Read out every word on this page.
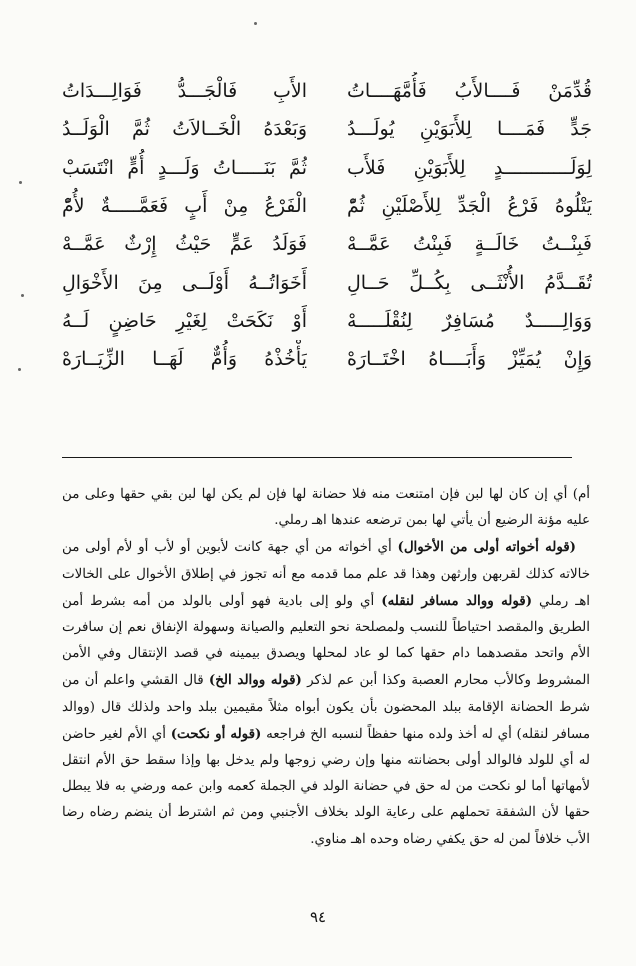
قُدِّمَنْ فَــــالأَبُ فَأُمَّهَــــاتُ
الأَبِ فَالْجَـــدُّ فَوَالِـــدَاتُ
جَدٍّ فَمَــــا لِلأَبَوَيْنِ يُولَـــدُ
وَبَعْدَهُ الْخَــالاَتُ ثُمَّ الْوَلَــدُ
لِوَلَــــــــــــدٍ لِلأَبَوَيْنِ فَلأَب
ثُمَّ بَنَـــــاتُ وَلَـــدٍ أُمٍّ انْتَسَبْ
يَتْلُوهُ فَرْعُ الْجَدِّ لِلأَصْلَيْنِ ثُمّْ
الْفَرْعُ مِنْ أَبٍ فَعَمَّـــــةٌ لأُمّْ
فَبِنْــتُ خَالَــةٍ فَبِنْتُ عَمَّــهْ
فَوَلَدُ عَمٍّ حَيْثُ إِرْثٌ عَمَّــهْ
تُقَــدَّمُ الأُنْثَــى بِكُــلِّ حَــالِ
أَخَوَاتُــهُ أَوْلَــى مِنَ الأَخْوَالِ
وَوَالِـــــدٌ مُسَافِرٌ لِنُقْلَـــــهْ
أَوْ نَكَحَتْ لِغَيْرِ حَاضِنٍ لَــهُ
وَإِنْ يُمَيِّزْ وَأَبَــــاهُ اخْتَــارَهْ
يَأْخُذْهُ وَأُمٌّ لَهَــا الزِّيَــارَهْ

أم) أي إن كان لها لبن فإن امتنعت منه فلا حضانة لها فإن لم يكن لها لبن بقي حقها وعلى من عليه مؤنة الرضيع أن يأتي لها بمن ترضعه عندها اهـ رملي.

(قوله أخواته أولى من الأخوال) أي أخواته من أي جهة كانت لأبوين أو لأب أو لأم أولى من خالاته كذلك لقربهن وإرثهن وهذا قد علم مما قدمه مع أنه تجوز في إطلاق الأخوال على الخالات اهـ رملي (قوله ووالد مسافر لنقله) أي ولو إلى بادية فهو أولى بالولد من أمه بشرط أمن الطريق والمقصد احتياطاً للنسب ولمصلحة نحو التعليم والصيانة وسهولة الإنفاق نعم إن سافرت الأم واتحد مقصدهما دام حقها كما لو عاد لمحلها ويصدق بيمينه في قصد الإنتقال وفي الأمن المشروط وكالأب محارم العصبة وكذا أبن عم لذكر (قوله ووالد الخ) قال القشي واعلم أن من شرط الحضانة الإقامة ببلد المحضون بأن يكون أبواه مثلاً مقيمين ببلد واحد ولذلك قال (ووالد مسافر لنقله) أي له أخذ ولده منها حفظاً لنسبه الخ فراجعه (قوله أو نكحت) أي الأم لغير حاضن له أي للولد فالوالد أولى بحضانته منها وإن رضي زوجها ولم يدخل بها وإذا سقط حق الأم انتقل لأمهاتها أما لو نكحت من له حق في حضانة الولد في الجملة كعمه وابن عمه ورضي به فلا يبطل حقها لأن الشفقة تحملهم على رعاية الولد بخلاف الأجنبي ومن ثم اشترط أن ينضم رضاه رضا الأب خلافاً لمن له حق يكفي رضاه وحده اهـ مناوي.

٩٤
